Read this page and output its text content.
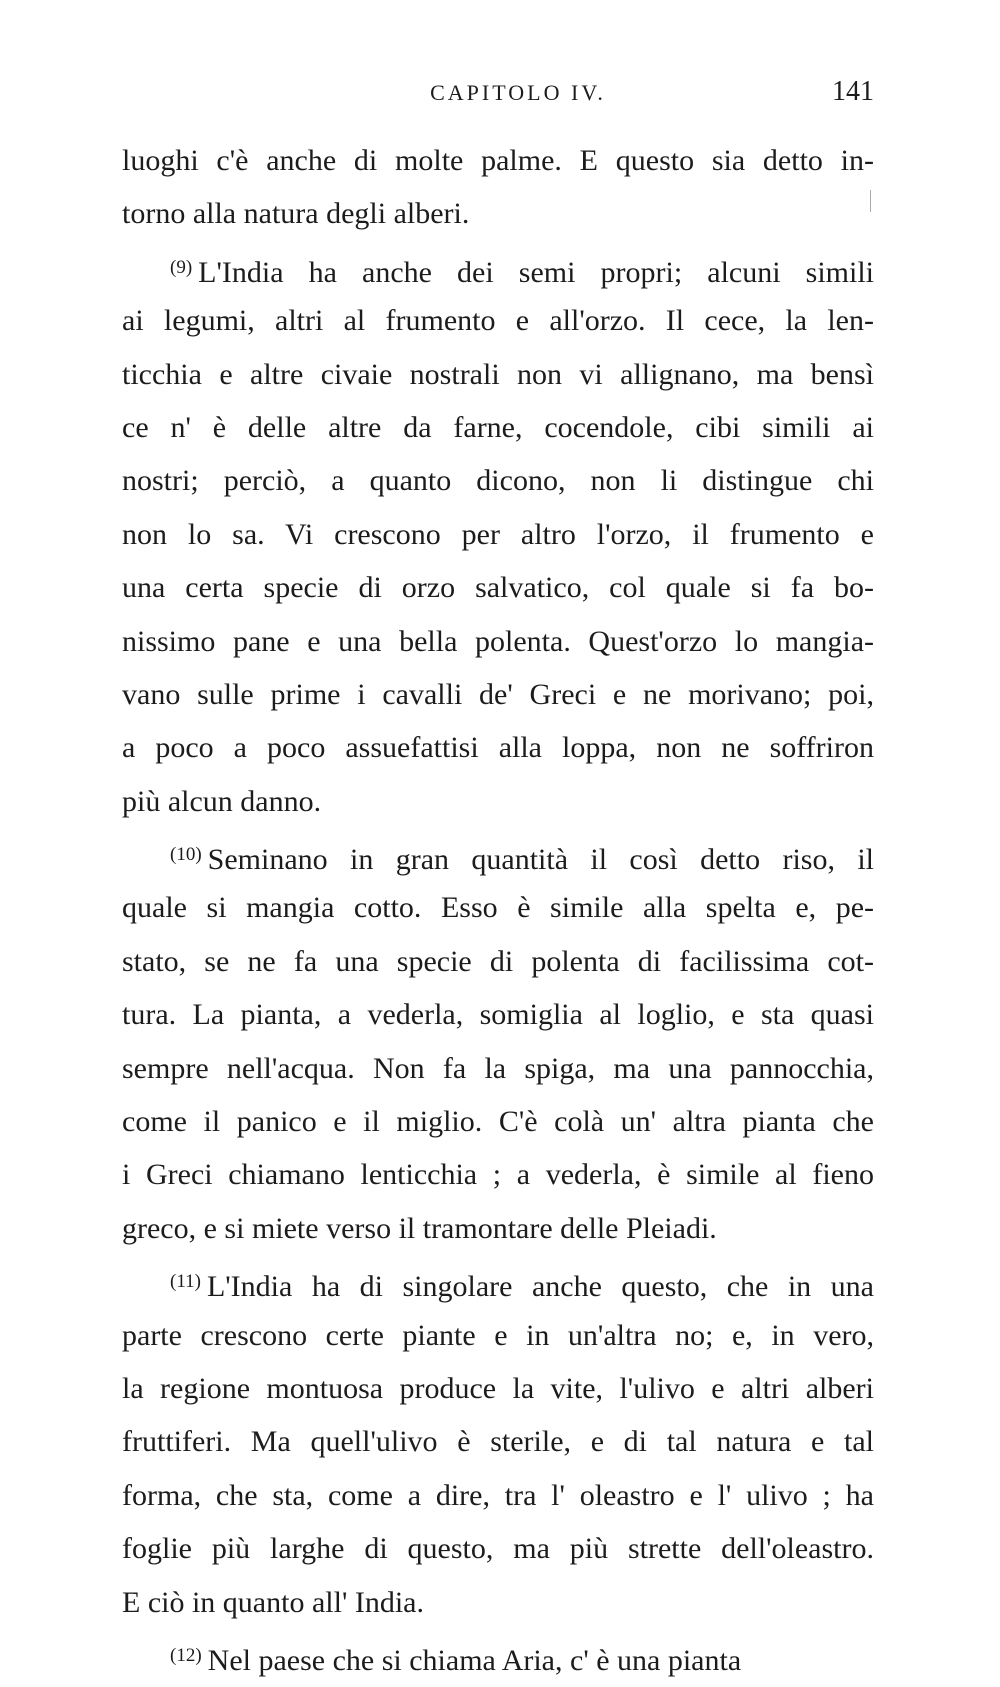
CAPITOLO IV.	141
luoghi c'è anche di molte palme. E questo sia detto in-
torno alla natura degli alberi.
$^{(9)}$ L'India ha anche dei semi propri; alcuni simili
ai legumi, altri al frumento e all'orzo. Il cece, la len-
ticchia e altre civaie nostrali non vi allignano, ma bensì
ce n' è delle altre da farne, cocendole, cibi simili ai
nostri; perciò, a quanto dicono, non li distingue chi
non lo sa. Vi crescono per altro l'orzo, il frumento e
una certa specie di orzo salvatico, col quale si fa bo-
nissimo pane e una bella polenta. Quest'orzo lo mangia-
vano sulle prime i cavalli de' Greci e ne morivano; poi,
a poco a poco assuefattisi alla loppa, non ne soffriron
più alcun danno.
$^{(10)}$ Seminano in gran quantità il così detto riso, il
quale si mangia cotto. Esso è simile alla spelta e, pe-
stato, se ne fa una specie di polenta di facilissima cot-
tura. La pianta, a vederla, somiglia al loglio, e sta quasi
sempre nell'acqua. Non fa la spiga, ma una pannocchia,
come il panico e il miglio. C'è colà un' altra pianta che
i Greci chiamano lenticchia ; a vederla, è simile al fieno
greco, e si miete verso il tramontare delle Pleiadi.
$^{(11)}$ L'India ha di singolare anche questo, che in una
parte crescono certe piante e in un'altra no; e, in vero,
la regione montuosa produce la vite, l'ulivo e altri alberi
fruttiferi. Ma quell'ulivo è sterile, e di tal natura e tal
forma, che sta, come a dire, tra l' oleastro e l' ulivo ; ha
foglie più larghe di questo, ma più strette dell'oleastro.
E ciò in quanto all' India.
$^{(12)}$ Nel paese che si chiama Aria, c' è una pianta
